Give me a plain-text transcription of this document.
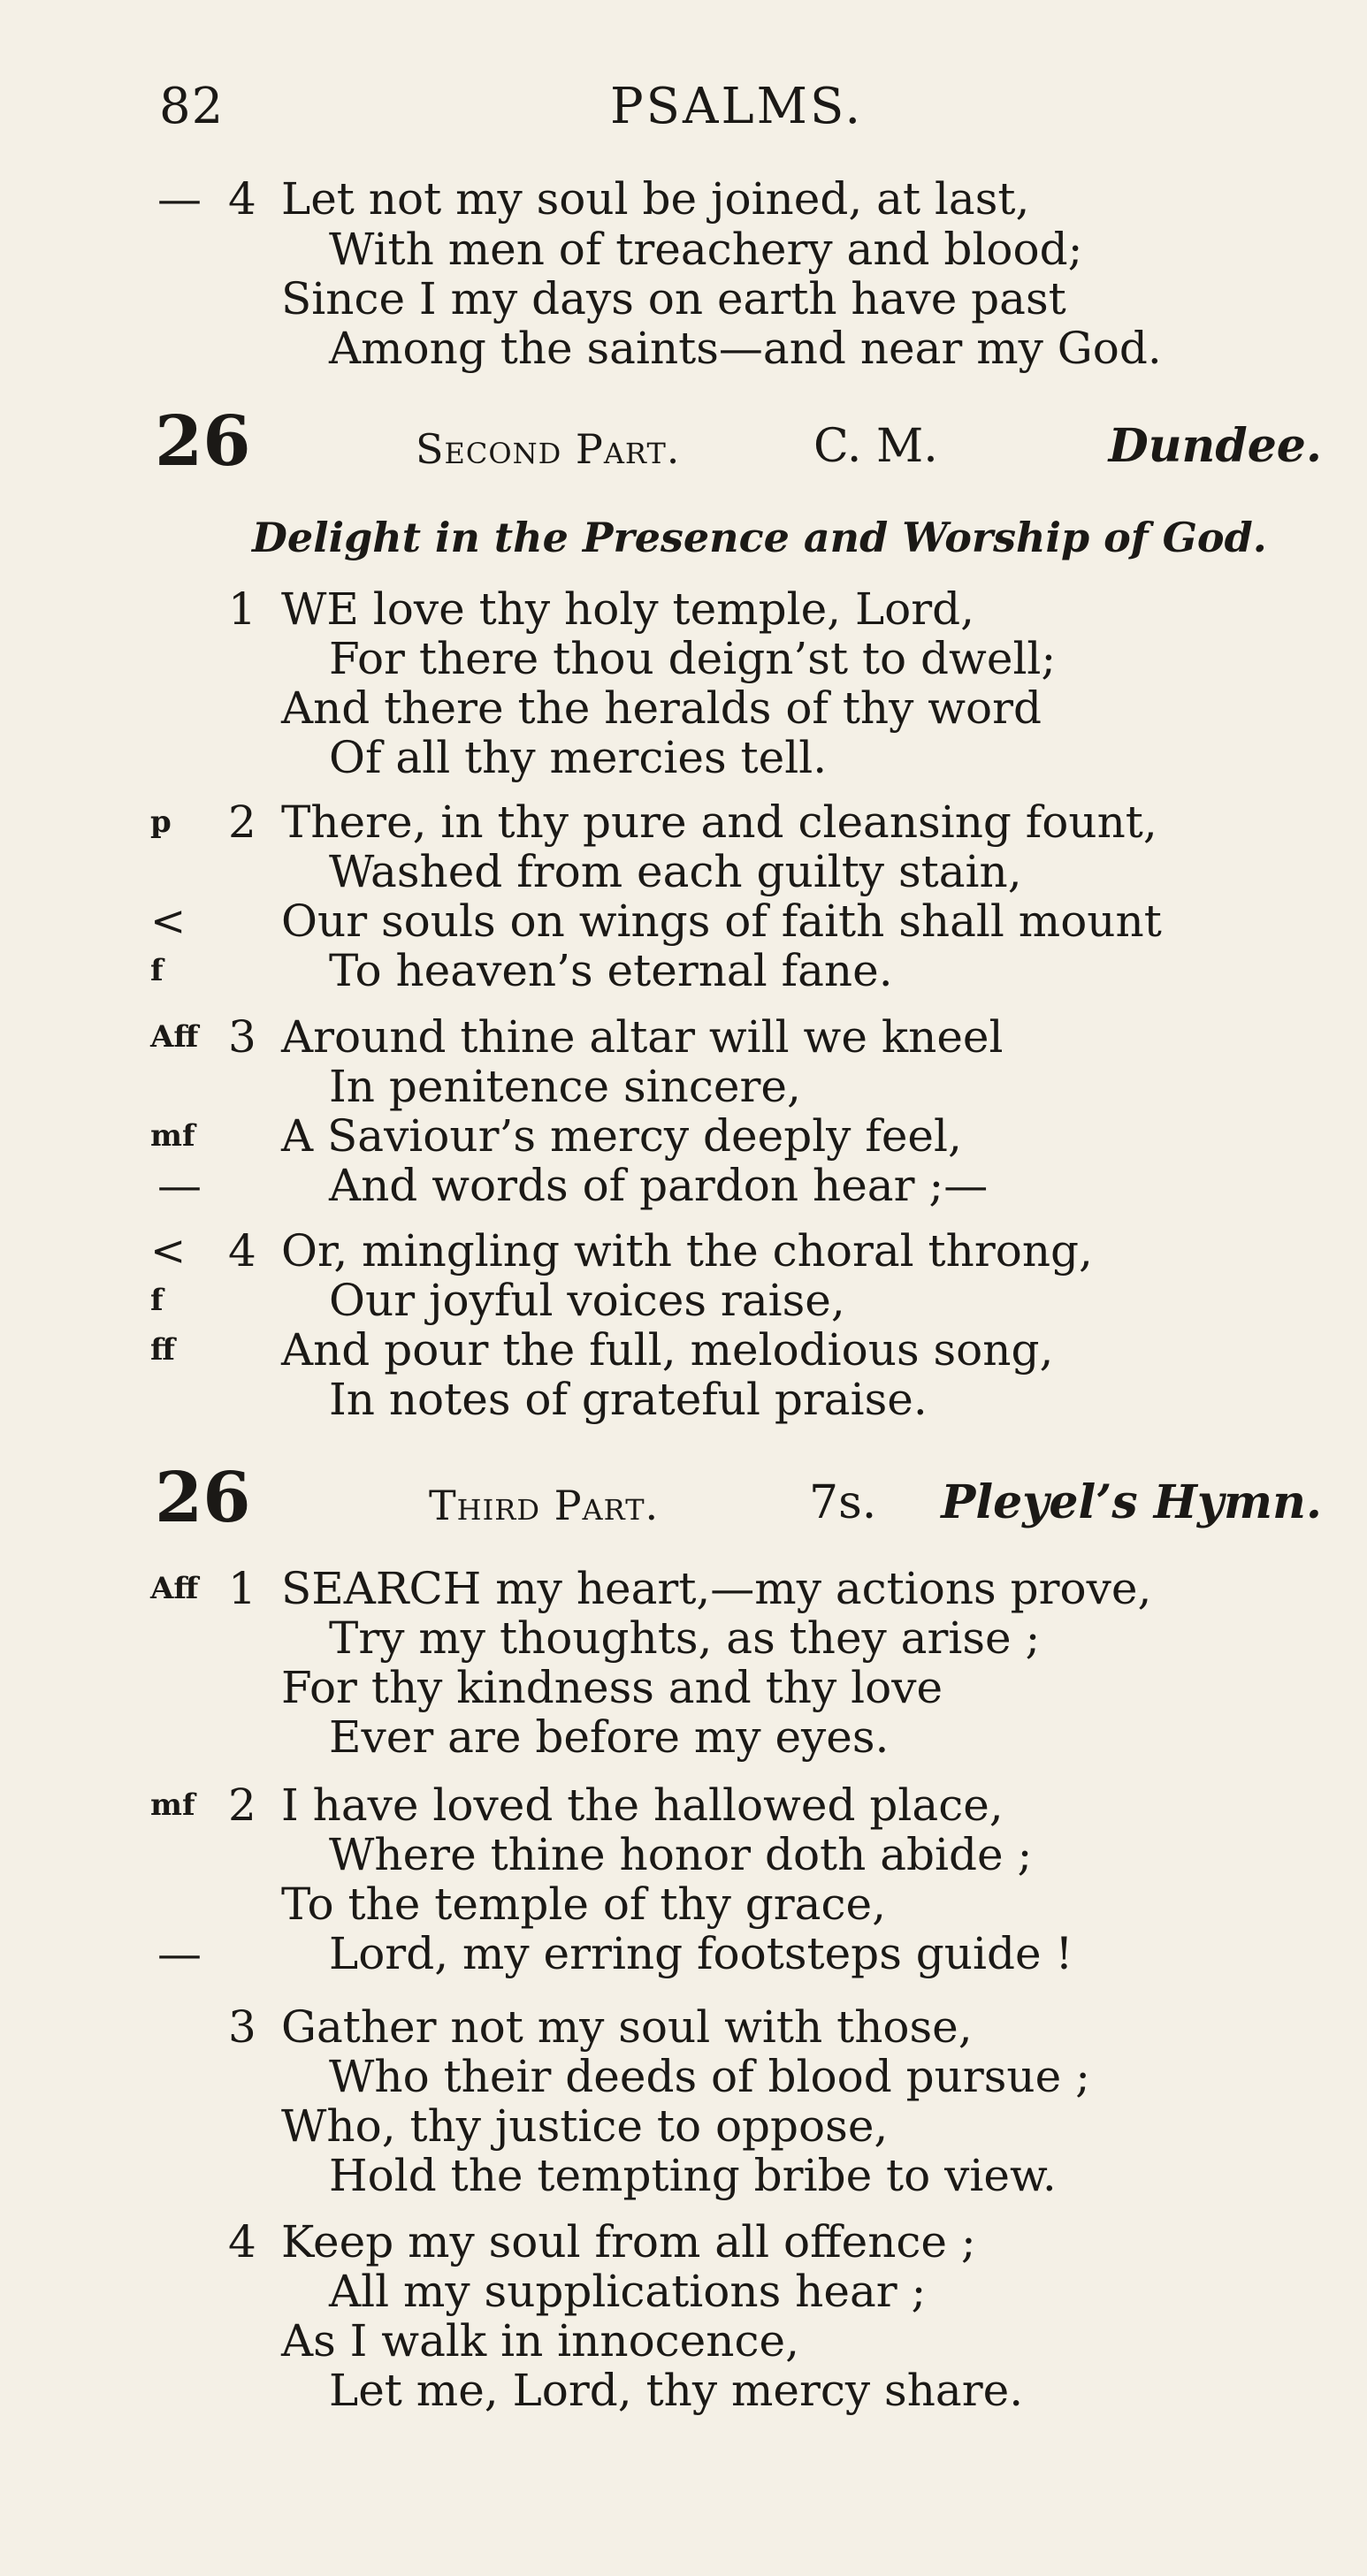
82	PSALMS.
— 4 Let not my soul be joined, at last,
With men of treachery and blood;
Since I my days on earth have past
Among the saints—and near my God.
26	Second Part.	C. M.	Dundee.
Delight in the Presence and Worship of God.
1 WE love thy holy temple, Lord,
For there thou deign’st to dwell;
And there the heralds of thy word
Of all thy mercies tell.
p	2 There, in thy pure and cleansing fount,
Washed from each guilty stain,
<	Our souls on wings of faith shall mount
f	To heaven’s eternal fane.
Aff 3 Around thine altar will we kneel
In penitence sincere,
mf	A Saviour’s mercy deeply feel,
—	And words of pardon hear ;—
< 4 Or, mingling with the choral throng,
f	Our joyful voices raise,
ff	And pour the full, melodious song,
In notes of grateful praise.
26	Third Part.	7s. Pleyel’s Hymn.
Aff 1 SEARCH my heart,—my actions prove,
Try my thoughts, as they arise ;
For thy kindness and thy love
Ever are before my eyes.
mf 2 I have loved the hallowed place,
Where thine honor doth abide ;
To the temple of thy grace,
—	Lord, my erring footsteps guide !
3 Gather not my soul with those,
Who their deeds of blood pursue ;
Who, thy justice to oppose,
Hold the tempting bribe to view.
4 Keep my soul from all offence ;
All my supplications hear ;
As I walk in innocence,
Let me, Lord, thy mercy share.
